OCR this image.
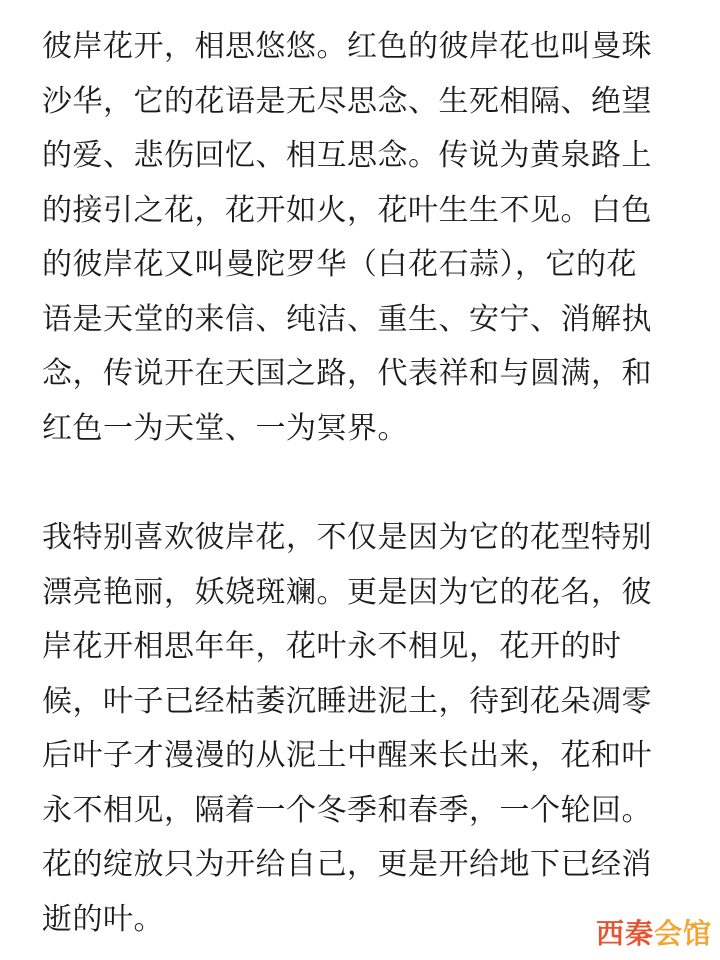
彼岸花开，相思悠悠。红色的彼岸花也叫曼珠
沙华，它的花语是无尽思念、生死相隔、绝望
的爱、悲伤回忆、相互思念。传说为黄泉路上
的接引之花，花开如火，花叶生生不见。白色
的彼岸花又叫曼陀罗华（白花石蒜），它的花
语是天堂的来信、纯洁、重生、安宁、消解执
念，传说开在天国之路，代表祥和与圆满，和
红色一为天堂、一为冥界。

我特别喜欢彼岸花，不仅是因为它的花型特别
漂亮艳丽，妖娆斑斓。更是因为它的花名，彼
岸花开相思年年，花叶永不相见，花开的时
候，叶子已经枯萎沉睡进泥土，待到花朵凋零
后叶子才漫漫的从泥土中醒来长出来，花和叶
永不相见，隔着一个冬季和春季，一个轮回。
花的绽放只为开给自己，更是开给地下已经消
逝的叶。	西秦会馆
